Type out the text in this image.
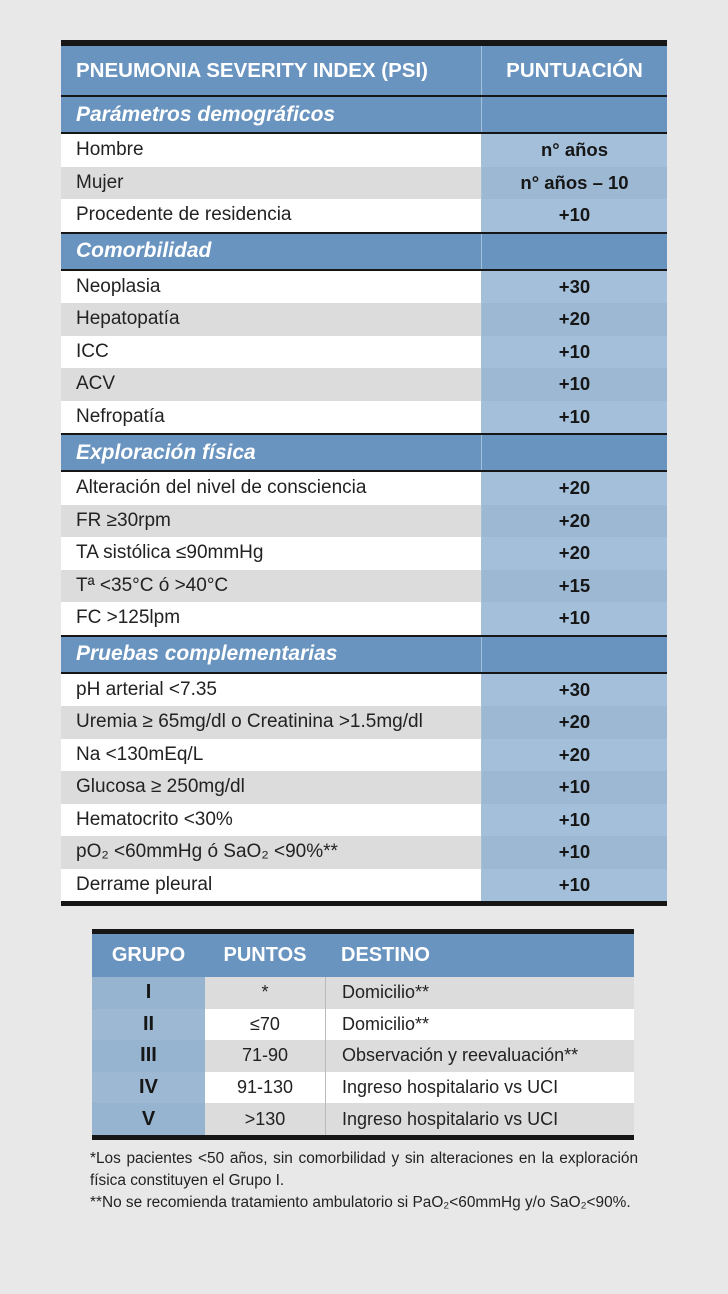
PNEUMONIA SEVERITY INDEX (PSI)	PUNTUACIÓN
Parámetros demográficos
Hombre	n° años
Mujer	n° años – 10
Procedente de residencia	+10
Comorbilidad
Neoplasia	+30
Hepatopatía	+20
ICC	+10
ACV	+10
Nefropatía	+10
Exploración física
Alteración del nivel de consciencia	+20
FR ≥30rpm	+20
TA sistólica ≤90mmHg	+20
Tª <35°C ó >40°C	+15
FC >125lpm	+10
Pruebas complementarias
pH arterial <7.35	+30
Uremia ≥ 65mg/dl o Creatinina >1.5mg/dl	+20
Na <130mEq/L	+20
Glucosa ≥ 250mg/dl	+10
Hematocrito <30%	+10
pO₂ <60mmHg ó SaO₂ <90%**	+10
Derrame pleural	+10
GRUPO	PUNTOS	DESTINO
I	*	Domicilio**
II	≤70	Domicilio**
III	71-90	Observación y reevaluación**
IV	91-130	Ingreso hospitalario vs UCI
V	>130	Ingreso hospitalario vs UCI

*Los pacientes <50 años, sin comorbilidad y sin alteraciones en la exploración física constituyen el Grupo I.

**No se recomienda tratamiento ambulatorio si PaO₂<60mmHg y/o SaO₂<90%.
